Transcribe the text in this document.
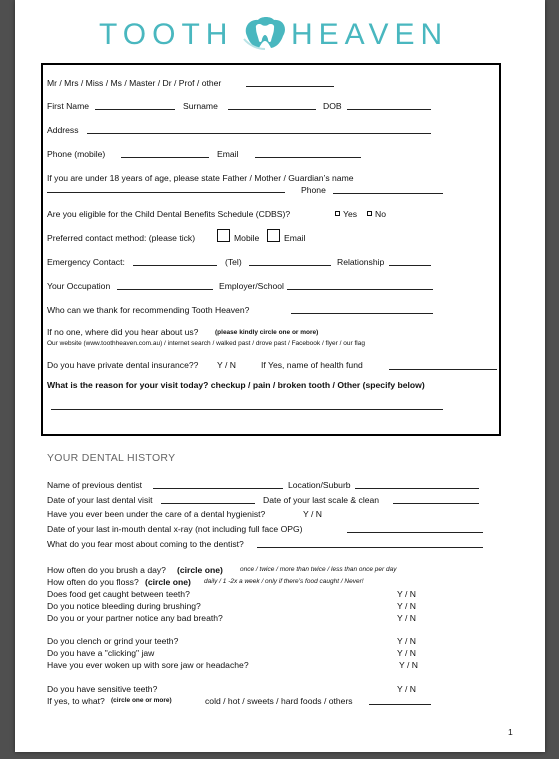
TOOTH HEAVEN
Mr / Mrs / Miss / Ms / Master / Dr / Prof / other
First Name	Surname	DOB
Address
Phone (mobile)	Email
If you are under 18 years of age, please state Father / Mother / Guardian’s name
Phone
Are you eligible for the Child Dental Benefits Schedule (CDBS)?	Yes No
Preferred contact method: (please tick)	Mobile	Email
Emergency Contact:	(Tel)	Relationship
Your Occupation	Employer/School
Who can we thank for recommending Tooth Heaven?
If no one, where did you hear about us?	(please kindly circle one or more)
Our website (www.toothheaven.com.au) / internet search / walked past / drove past / Facebook / flyer / our flag
Do you have private dental insurance?? Y / N	If Yes, name of health fund
What is the reason for your visit today? checkup / pain / broken tooth / Other (specify below)
YOUR DENTAL HISTORY
Name of previous dentist	Location/Suburb
Date of your last dental visit	Date of your last scale & clean
Have you ever been under the care of a dental hygienist?	Y / N
Date of your last in-mouth dental x-ray (not including full face OPG)
What do you fear most about coming to the dentist?
How often do you brush a day? (circle one)	once / twice / more than twice / less than once per day
How often do you floss? (circle one) daily / 1 -2x a week / only if there’s food caught / Never!
Does food get caught between teeth?	Y / N
Do you notice bleeding during brushing?	Y / N
Do you or your partner notice any bad breath?	Y / N
Do you clench or grind your teeth?	Y / N
Do you have a "clicking" jaw	Y / N
Have you ever woken up with sore jaw or headache?	Y / N
Do you have sensitive teeth?	Y / N
If yes, to what? (circle one or more)	cold / hot / sweets / hard foods / others
1
